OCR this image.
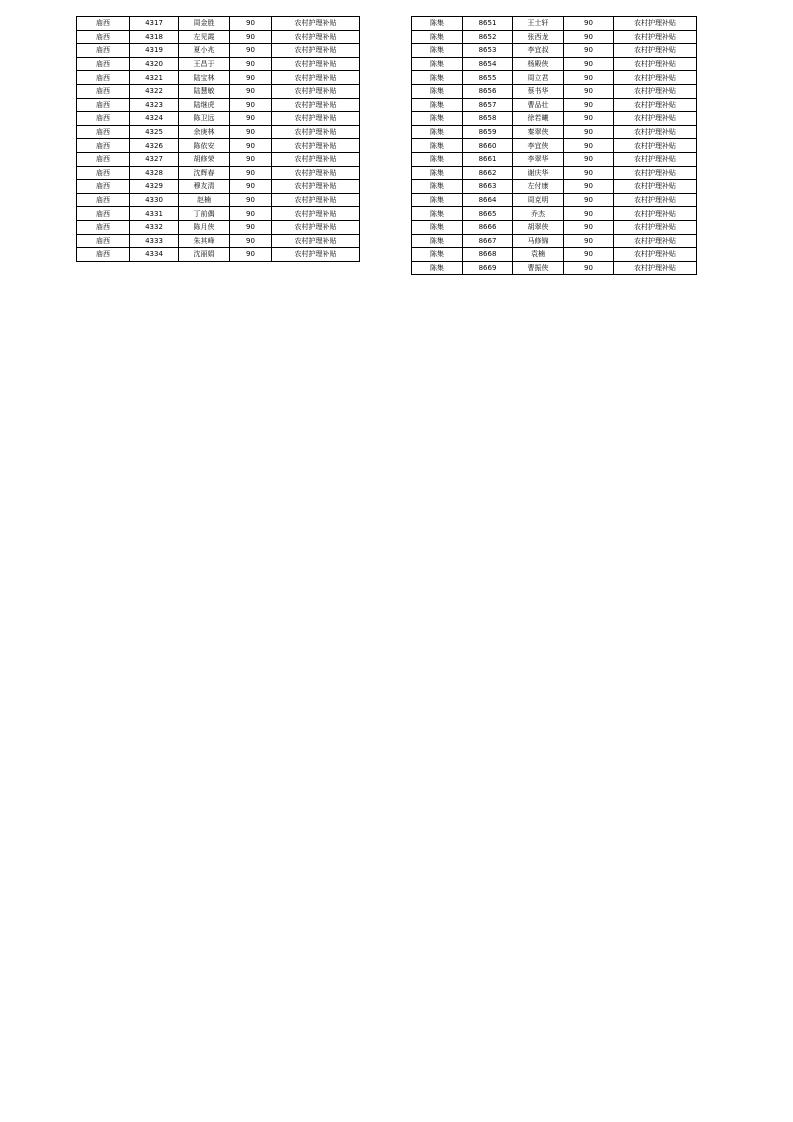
庙西	4317	周金胜	90	农村护理补贴
庙西	4318	左见霞	90	农村护理补贴
庙西	4319	夏小兆	90	农村护理补贴
庙西	4320	王昌于	90	农村护理补贴
庙西	4321	陆宝林	90	农村护理补贴
庙西	4322	陆慧敏	90	农村护理补贴
庙西	4323	陆继虎	90	农村护理补贴
庙西	4324	陈卫远	90	农村护理补贴
庙西	4325	余庚林	90	农村护理补贴
庙西	4326	陈依安	90	农村护理补贴
庙西	4327	胡修荣	90	农村护理补贴
庙西	4328	沈辉春	90	农村护理补贴
庙西	4329	穆友清	90	农村护理补贴
庙西	4330	赵楠	90	农村护理补贴
庙西	4331	丁前偶	90	农村护理补贴
庙西	4332	陈月侠	90	农村护理补贴
庙西	4333	朱其峰	90	农村护理补贴
庙西	4334	沈丽娟	90	农村护理补贴
陈集	8651	王士轩	90	农村护理补贴
陈集	8652	张西龙	90	农村护理补贴
陈集	8653	李宜叔	90	农村护理补贴
陈集	8654	杨殿侠	90	农村护理补贴
陈集	8655	周立君	90	农村护理补贴
陈集	8656	蔡书华	90	农村护理补贴
陈集	8657	曹品壮	90	农村护理补贴
陈集	8658	徐若曦	90	农村护理补贴
陈集	8659	秦翠侠	90	农村护理补贴
陈集	8660	李宜侠	90	农村护理补贴
陈集	8661	李翠华	90	农村护理补贴
陈集	8662	谢庆华	90	农村护理补贴
陈集	8663	左付康	90	农村护理补贴
陈集	8664	周克明	90	农村护理补贴
陈集	8665	乔杰	90	农村护理补贴
陈集	8666	胡翠侠	90	农村护理补贴
陈集	8667	马修锦	90	农村护理补贴
陈集	8668	袁楠	90	农村护理补贴
陈集	8669	曹振侠	90	农村护理补贴
